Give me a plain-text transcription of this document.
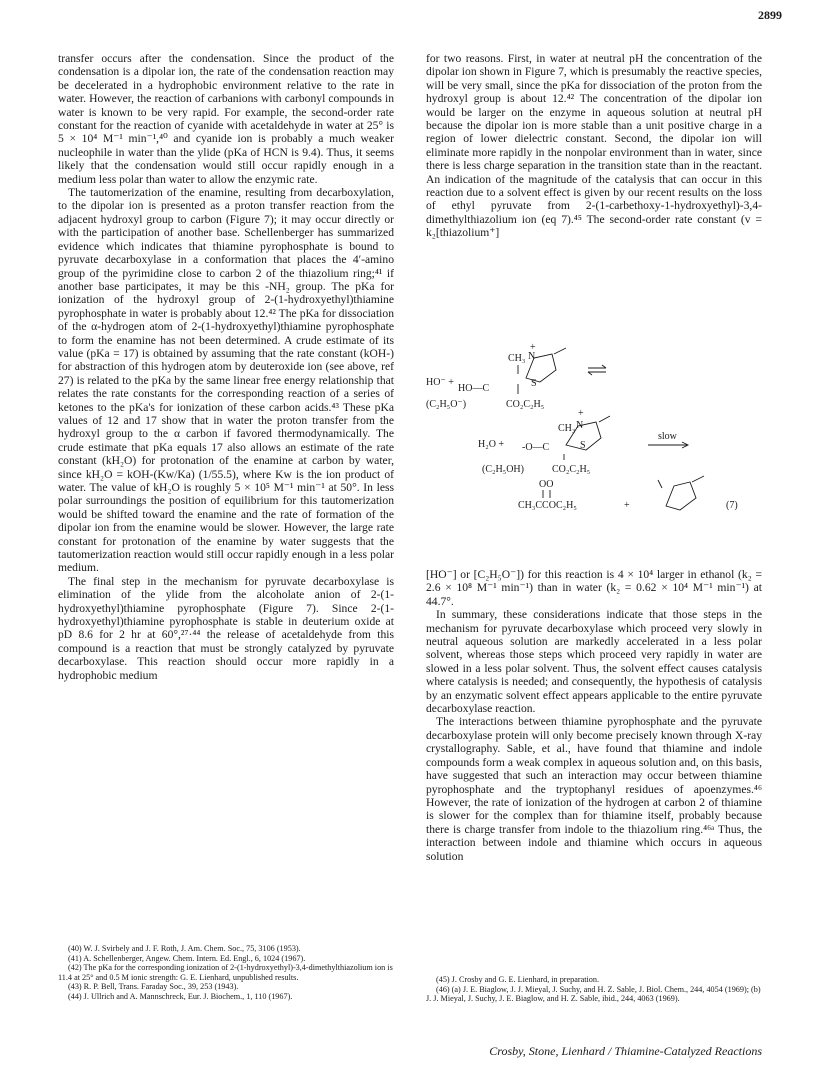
2899

transfer occurs after the condensation. Since the product of the condensation is a dipolar ion, the rate of the condensation reaction may be decelerated in a hydrophobic environment relative to the rate in water. However, the reaction of carbanions with carbonyl compounds in water is known to be very rapid. For example, the second-order rate constant for the reaction of cyanide with acetaldehyde in water at 25° is 5 × 10⁴ M⁻¹ min⁻¹,⁴⁰ and cyanide ion is probably a much weaker nucleophile in water than the ylide (pKa of HCN is 9.4). Thus, it seems likely that the condensation would still occur rapidly enough in a medium less polar than water to allow the enzymic rate.

The tautomerization of the enamine, resulting from decarboxylation, to the dipolar ion is presented as a proton transfer reaction from the adjacent hydroxyl group to carbon (Figure 7); it may occur directly or with the participation of another base. Schellenberger has summarized evidence which indicates that thiamine pyrophosphate is bound to pyruvate decarboxylase in a conformation that places the 4′-amino group of the pyrimidine close to carbon 2 of the thiazolium ring;⁴¹ if another base participates, it may be this -NH₂ group. The pKa for ionization of the hydroxyl group of 2-(1-hydroxyethyl)thiamine pyrophosphate in water is probably about 12.⁴² The pKa for dissociation of the α-hydrogen atom of 2-(1-hydroxyethyl)thiamine pyrophosphate to form the enamine has not been determined. A crude estimate of its value (pKa = 17) is obtained by assuming that the rate constant (kOH-) for abstraction of this hydrogen atom by deuteroxide ion (see above, ref 27) is related to the pKa by the same linear free energy relationship that relates the rate constants for the corresponding reaction of a series of ketones to the pKa's for ionization of these carbon acids.⁴³ These pKa values of 12 and 17 show that in water the proton transfer from the hydroxyl group to the α carbon if favored thermodynamically. The crude estimate that pKa equals 17 also allows an estimate of the rate constant (kH₂O) for protonation of the enamine at carbon by water, since kH₂O = kOH-(Kw/Ka) (1/55.5), where Kw is the ion product of water. The value of kH₂O is roughly 5 × 10⁵ M⁻¹ min⁻¹ at 50°. In less polar surroundings the position of equilibrium for this tautomerization would be shifted toward the enamine and the rate of formation of the dipolar ion from the enamine would be slower. However, the large rate constant for protonation of the enamine by water suggests that the tautomerization reaction would still occur rapidly enough in a less polar medium.

The final step in the mechanism for pyruvate decarboxylase is elimination of the ylide from the alcoholate anion of 2-(1-hydroxyethyl)thiamine pyrophosphate (Figure 7). Since 2-(1-hydroxyethyl)thiamine pyrophosphate is stable in deuterium oxide at pD 8.6 for 2 hr at 60°,²⁷·⁴⁴ the release of acetaldehyde from this compound is a reaction that must be strongly catalyzed by pyruvate decarboxylase. This reaction should occur more rapidly in a hydrophobic medium

for two reasons. First, in water at neutral pH the concentration of the dipolar ion shown in Figure 7, which is presumably the reactive species, will be very small, since the pKa for dissociation of the proton from the hydroxyl group is about 12.⁴² The concentration of the dipolar ion would be larger on the enzyme in aqueous solution at neutral pH because the dipolar ion is more stable than a unit positive charge in a region of lower dielectric constant. Second, the dipolar ion will eliminate more rapidly in the nonpolar environment than in water, since there is less charge separation in the transition state than in the reactant. An indication of the magnitude of the catalysis that can occur in this reaction due to a solvent effect is given by our recent results on the loss of ethyl pyruvate from 2-(1-carbethoxy-1-hydroxyethyl)-3,4-dimethylthiazolium ion (eq 7).⁴⁵ The second-order rate constant (v = k₂[thiazolium⁺]

HO⁻ +
HO—C
CH₃
+
N
S
(C₂H₅O⁻)	CO₂C₂H₅
H₂O + -O—C
CH₃
+
N
S
slow
(C₂H₅OH)	CO₂C₂H₅
OO
CH₃CCOC₂H₅	+	(7)

[HO⁻] or [C₂H₅O⁻]) for this reaction is 4 × 10⁴ larger in ethanol (k₂ = 2.6 × 10⁸ M⁻¹ min⁻¹) than in water (k₂ = 0.62 × 10⁴ M⁻¹ min⁻¹) at 44.7°.

In summary, these considerations indicate that those steps in the mechanism for pyruvate decarboxylase which proceed very slowly in neutral aqueous solution are markedly accelerated in a less polar solvent, whereas those steps which proceed very rapidly in water are slowed in a less polar solvent. Thus, the solvent effect causes catalysis where catalysis is needed; and consequently, the hypothesis of catalysis by an enzymatic solvent effect appears applicable to the entire pyruvate decarboxylase reaction.

The interactions between thiamine pyrophosphate and the pyruvate decarboxylase protein will only become precisely known through X-ray crystallography. Sable, et al., have found that thiamine and indole compounds form a weak complex in aqueous solution and, on this basis, have suggested that such an interaction may occur between thiamine pyrophosphate and the tryptophanyl residues of apoenzymes.⁴⁶ However, the rate of ionization of the hydrogen at carbon 2 of thiamine is slower for the complex than for thiamine itself, probably because there is charge transfer from indole to the thiazolium ring.⁴⁶ᵃ Thus, the interaction between indole and thiamine which occurs in aqueous solution

(40) W. J. Svirbely and J. F. Roth, J. Am. Chem. Soc., 75, 3106 (1953).
(41) A. Schellenberger, Angew. Chem. Intern. Ed. Engl., 6, 1024 (1967).
(42) The pKa for the corresponding ionization of 2-(1-hydroxyethyl)-3,4-dimethylthiazolium ion is 11.4 at 25° and 0.5 M ionic strength: G. E. Lienhard, unpublished results.
(43) R. P. Bell, Trans. Faraday Soc., 39, 253 (1943).
(44) J. Ullrich and A. Mannschreck, Eur. J. Biochem., 1, 110 (1967).
(45) J. Crosby and G. E. Lienhard, in preparation.
(46) (a) J. E. Biaglow, J. J. Mieyal, J. Suchy, and H. Z. Sable, J. Biol. Chem., 244, 4054 (1969); (b) J. J. Mieyal, J. Suchy, J. E. Biaglow, and H. Z. Sable, ibid., 244, 4063 (1969).
Crosby, Stone, Lienhard / Thiamine-Catalyzed Reactions
